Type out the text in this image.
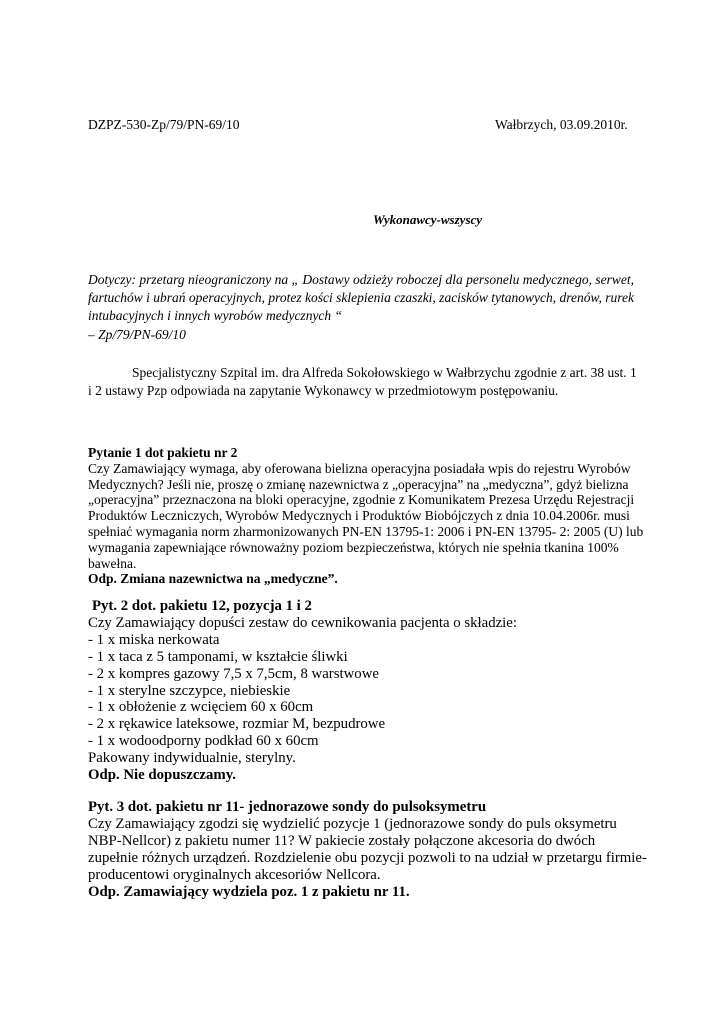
DZPZ-530-Zp/79/PN-69/10	Wałbrzych, 03.09.2010r.

Wykonawcy-wszyscy

Dotyczy: przetarg nieograniczony na „ Dostawy odzieży roboczej dla personelu medycznego, serwet,
fartuchów i ubrań operacyjnych, protez kości sklepienia czaszki, zacisków tytanowych, drenów, rurek
intubacyjnych i innych wyrobów medycznych “

– Zp/79/PN-69/10

Specjalistyczny Szpital im. dra Alfreda Sokołowskiego w Wałbrzychu zgodnie z art. 38 ust. 1
i 2 ustawy Pzp odpowiada na zapytanie Wykonawcy w przedmiotowym postępowaniu.
Pytanie 1 dot pakietu nr 2
Czy Zamawiający wymaga, aby oferowana bielizna operacyjna posiadała wpis do rejestru Wyrobów
Medycznych? Jeśli nie, proszę o zmianę nazewnictwa z „operacyjna” na „medyczna”, gdyż bielizna
„operacyjna” przeznaczona na bloki operacyjne, zgodnie z Komunikatem Prezesa Urzędu Rejestracji
Produktów Leczniczych, Wyrobów Medycznych i Produktów Biobójczych z dnia 10.04.2006r. musi
spełniać wymagania norm zharmonizowanych PN-EN 13795-1: 2006 i PN-EN 13795- 2: 2005 (U) lub
wymagania zapewniające równoważny poziom bezpieczeństwa, których nie spełnia tkanina 100%
bawełna.
Odp. Zmiana nazewnictwa na „medyczne”.
Pyt. 2 dot. pakietu 12, pozycja 1 i 2
Czy Zamawiający dopuści zestaw do cewnikowania pacjenta o składzie:
- 1 x miska nerkowata
- 1 x taca z 5 tamponami, w kształcie śliwki
- 2 x kompres gazowy 7,5 x 7,5cm, 8 warstwowe
- 1 x sterylne szczypce, niebieskie
- 1 x obłożenie z wcięciem 60 x 60cm
- 2 x rękawice lateksowe, rozmiar M, bezpudrowe
- 1 x wodoodporny podkład 60 x 60cm
Pakowany indywidualnie, sterylny.
Odp. Nie dopuszczamy.
Pyt. 3 dot. pakietu nr 11- jednorazowe sondy do pulsoksymetru
Czy Zamawiający zgodzi się wydzielić pozycje 1 (jednorazowe sondy do puls oksymetru
NBP-Nellcor) z pakietu numer 11? W pakiecie zostały połączone akcesoria do dwóch
zupełnie różnych urządzeń. Rozdzielenie obu pozycji pozwoli to na udział w przetargu firmie-
producentowi oryginalnych akcesoriów Nellcora.
Odp. Zamawiający wydziela poz. 1 z pakietu nr 11.
